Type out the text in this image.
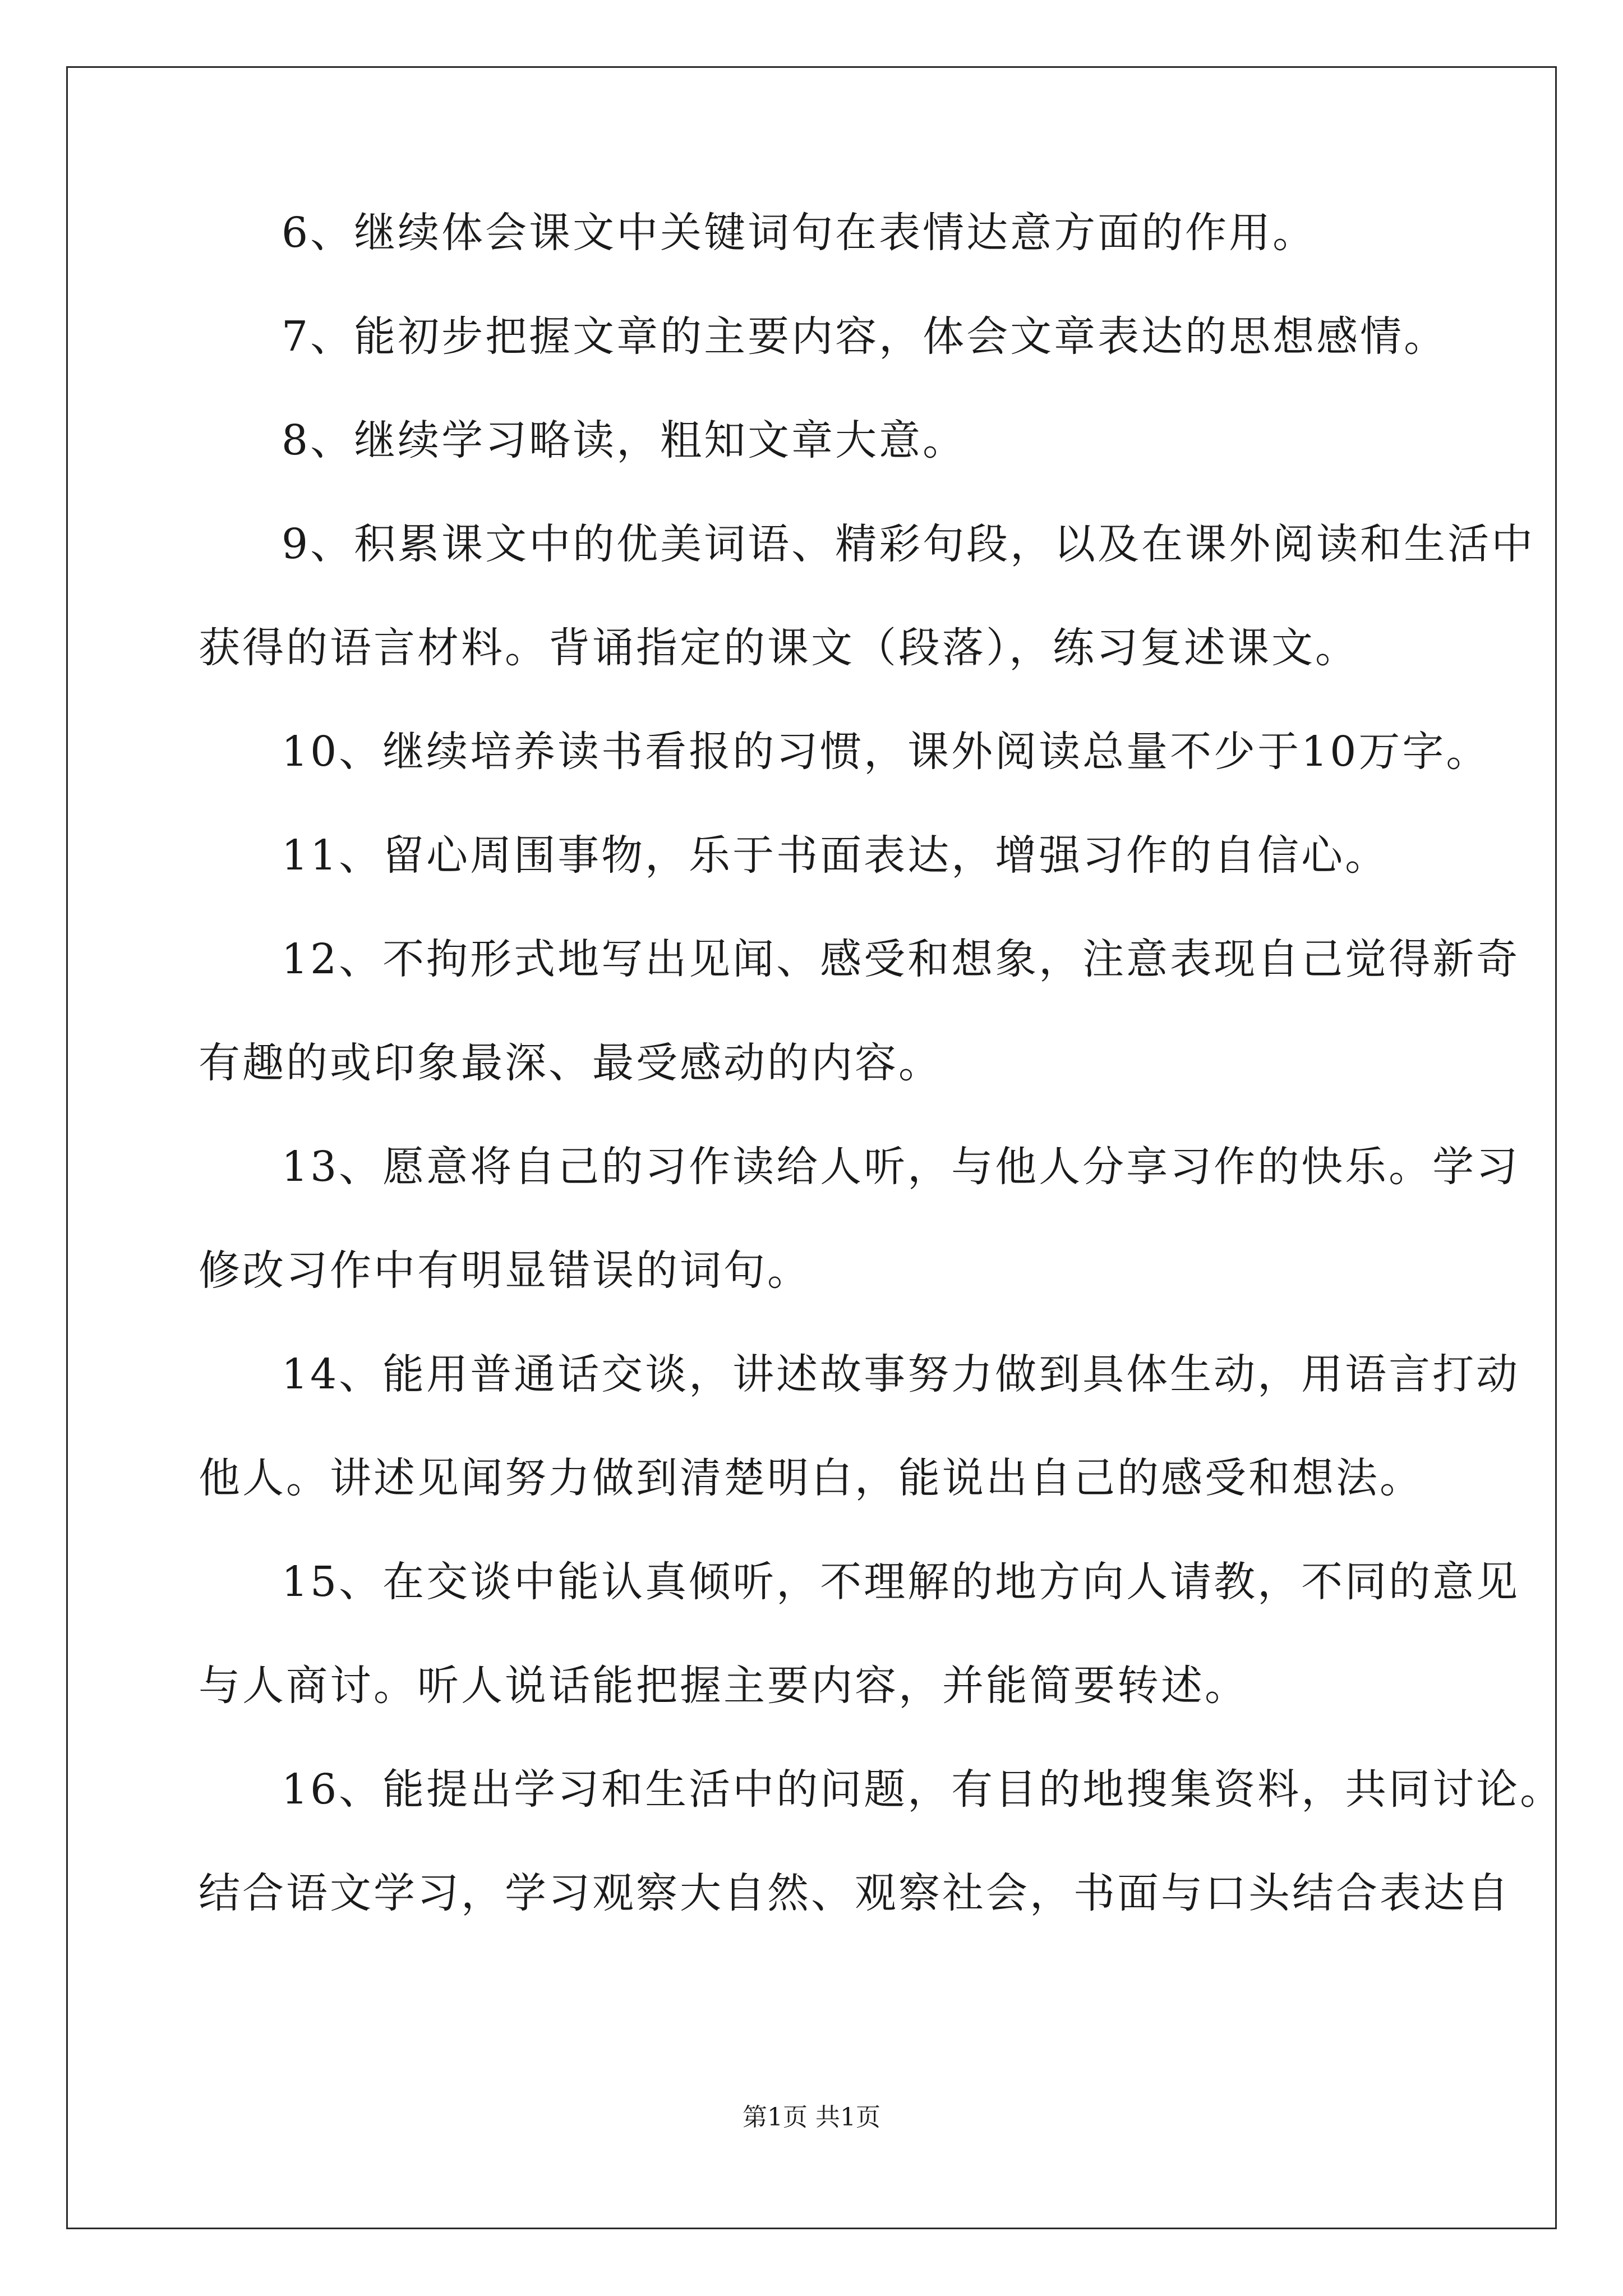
6、继续体会课文中关键词句在表情达意方面的作用。
7、能初步把握文章的主要内容，体会文章表达的思想感情。
8、继续学习略读，粗知文章大意。
9、积累课文中的优美词语、精彩句段，以及在课外阅读和生活中
获得的语言材料。背诵指定的课文（段落），练习复述课文。
10、继续培养读书看报的习惯，课外阅读总量不少于10万字。
11、留心周围事物，乐于书面表达，增强习作的自信心。
12、不拘形式地写出见闻、感受和想象，注意表现自己觉得新奇
有趣的或印象最深、最受感动的内容。
13、愿意将自己的习作读给人听，与他人分享习作的快乐。学习
修改习作中有明显错误的词句。
14、能用普通话交谈，讲述故事努力做到具体生动，用语言打动
他人。讲述见闻努力做到清楚明白，能说出自己的感受和想法。
15、在交谈中能认真倾听，不理解的地方向人请教，不同的意见
与人商讨。听人说话能把握主要内容，并能简要转述。
16、能提出学习和生活中的问题，有目的地搜集资料，共同讨论。
结合语文学习，学习观察大自然、观察社会，书面与口头结合表达自
第1页 共1页
